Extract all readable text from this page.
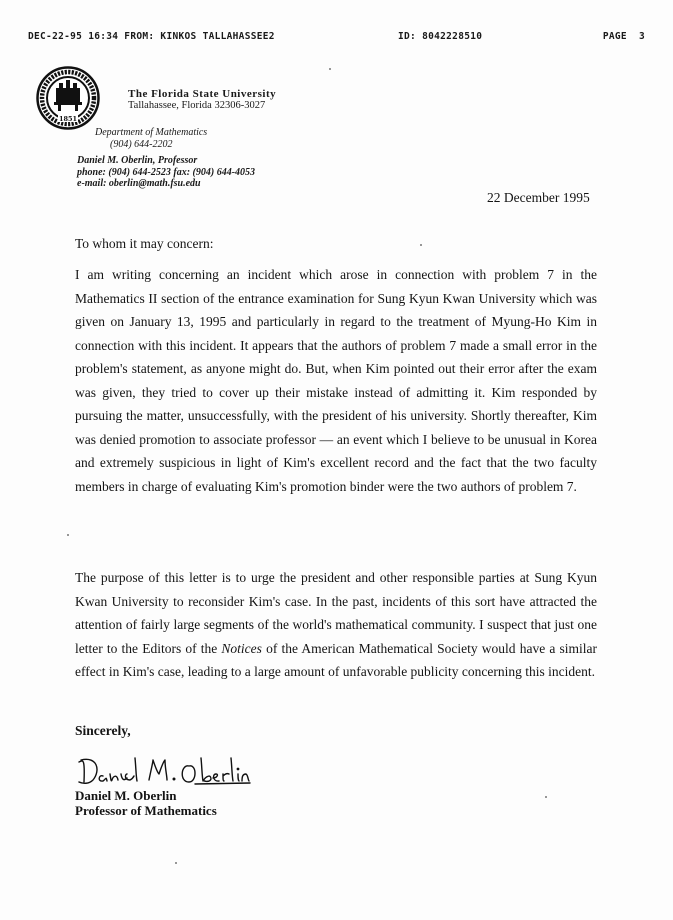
DEC-22-95 16:34 FROM: KINKOS TALLAHASSEE2	ID: 8042228510	PAGE  3
1851
The Florida State University
Tallahassee, Florida 32306-3027
Department of Mathematics
(904) 644-2202
Daniel M. Oberlin, Professor
phone: (904) 644-2523 fax: (904) 644-4053
e-mail: oberlin@math.fsu.edu
22 December 1995
To whom it may concern:

I am writing concerning an incident which arose in connection with problem 7 in the Mathematics II section of the entrance examination for Sung Kyun Kwan University which was given on January 13, 1995 and particularly in regard to the treatment of Myung-Ho Kim in connection with this incident. It appears that the authors of problem 7 made a small error in the problem's statement, as anyone might do. But, when Kim pointed out their error after the exam was given, they tried to cover up their mistake instead of admitting it. Kim responded by pursuing the matter, unsuccessfully, with the president of his university. Shortly thereafter, Kim was denied promotion to associate professor — an event which I believe to be unusual in Korea and extremely suspicious in light of Kim's excellent record and the fact that the two faculty members in charge of evaluating Kim's promotion binder were the two authors of problem 7.

The purpose of this letter is to urge the president and other responsible parties at Sung Kyun Kwan University to reconsider Kim's case. In the past, incidents of this sort have attracted the attention of fairly large segments of the world's mathematical community. I suspect that just one letter to the Editors of the Notices of the American Mathematical Society would have a similar effect in Kim's case, leading to a large amount of unfavorable publicity concerning this incident.

Sincerely,
Daniel M. Oberlin
Professor of Mathematics
